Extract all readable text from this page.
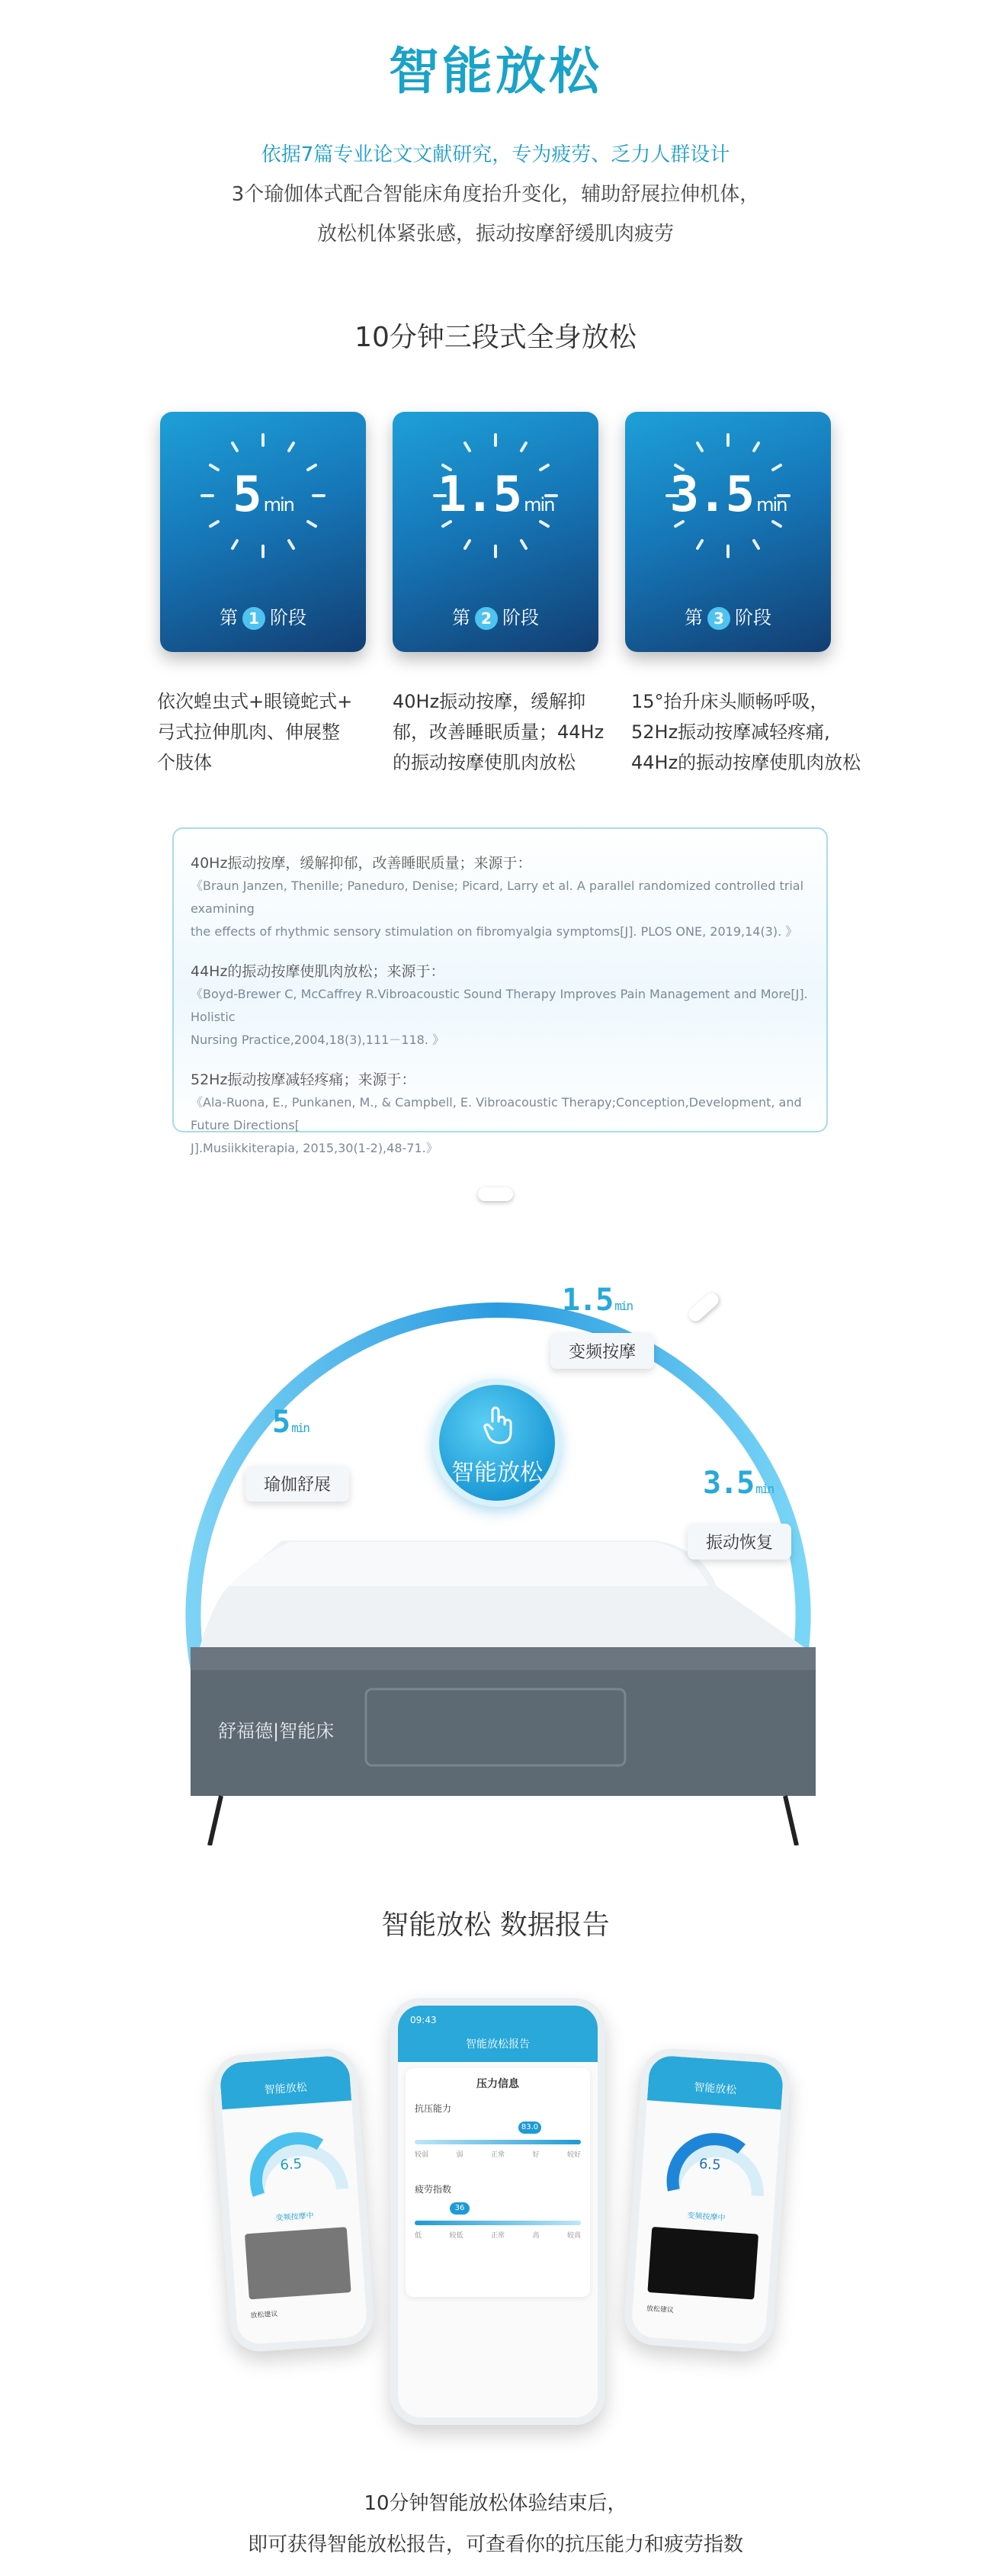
智能放松
依据7篇专业论文文献研究，专为疲劳、乏力人群设计
3个瑜伽体式配合智能床角度抬升变化，辅助舒展拉伸机体，
放松机体紧张感，振动按摩舒缓肌肉疲劳
10分钟三段式全身放松
5 min
第 1 阶段
1.5 min
第 2 阶段
3.5 min
第 3 阶段
依次蝗虫式+眼镜蛇式+
弓式拉伸肌肉、伸展整
个肢体
40Hz振动按摩，缓解抑
郁，改善睡眠质量；44Hz
的振动按摩使肌肉放松
15°抬升床头顺畅呼吸，
52Hz振动按摩减轻疼痛,
44Hz的振动按摩使肌肉放松
40Hz振动按摩，缓解抑郁，改善睡眠质量；来源于：
《Braun Janzen, Thenille; Paneduro, Denise; Picard, Larry et al. A parallel randomized controlled trial examining
the effects of rhythmic sensory stimulation on fibromyalgia symptoms[J]. PLOS ONE, 2019,14(3). 》
44Hz的振动按摩使肌肉放松；来源于：
《Boyd-Brewer C, McCaffrey R.Vibroacoustic Sound Therapy Improves Pain Management and More[J]. Holistic
Nursing Practice,2004,18(3),111－118. 》
52Hz振动按摩减轻疼痛；来源于：
《Ala-Ruona, E., Punkanen, M., & Campbell, E. Vibroacoustic Therapy;Conception,Development, and Future Directions[
J].Musiikkiterapia, 2015,30(1-2),48-71.》
1.5 min
变频按摩
5 min
瑜伽舒展	3.5 min
振动恢复
智能放松
舒福德|智能床
智能放松 数据报告
智能放松
6.5
变频按摩中
放松建议
智能放松
6.5
变频按摩中
放松建议
智能放松报告
09:43
压力信息
抗压能力
83.0
较弱	弱	正常	好	较好
疲劳指数
36
低	较低	正常	高	较高
10分钟智能放松体验结束后，
即可获得智能放松报告，可查看你的抗压能力和疲劳指数
